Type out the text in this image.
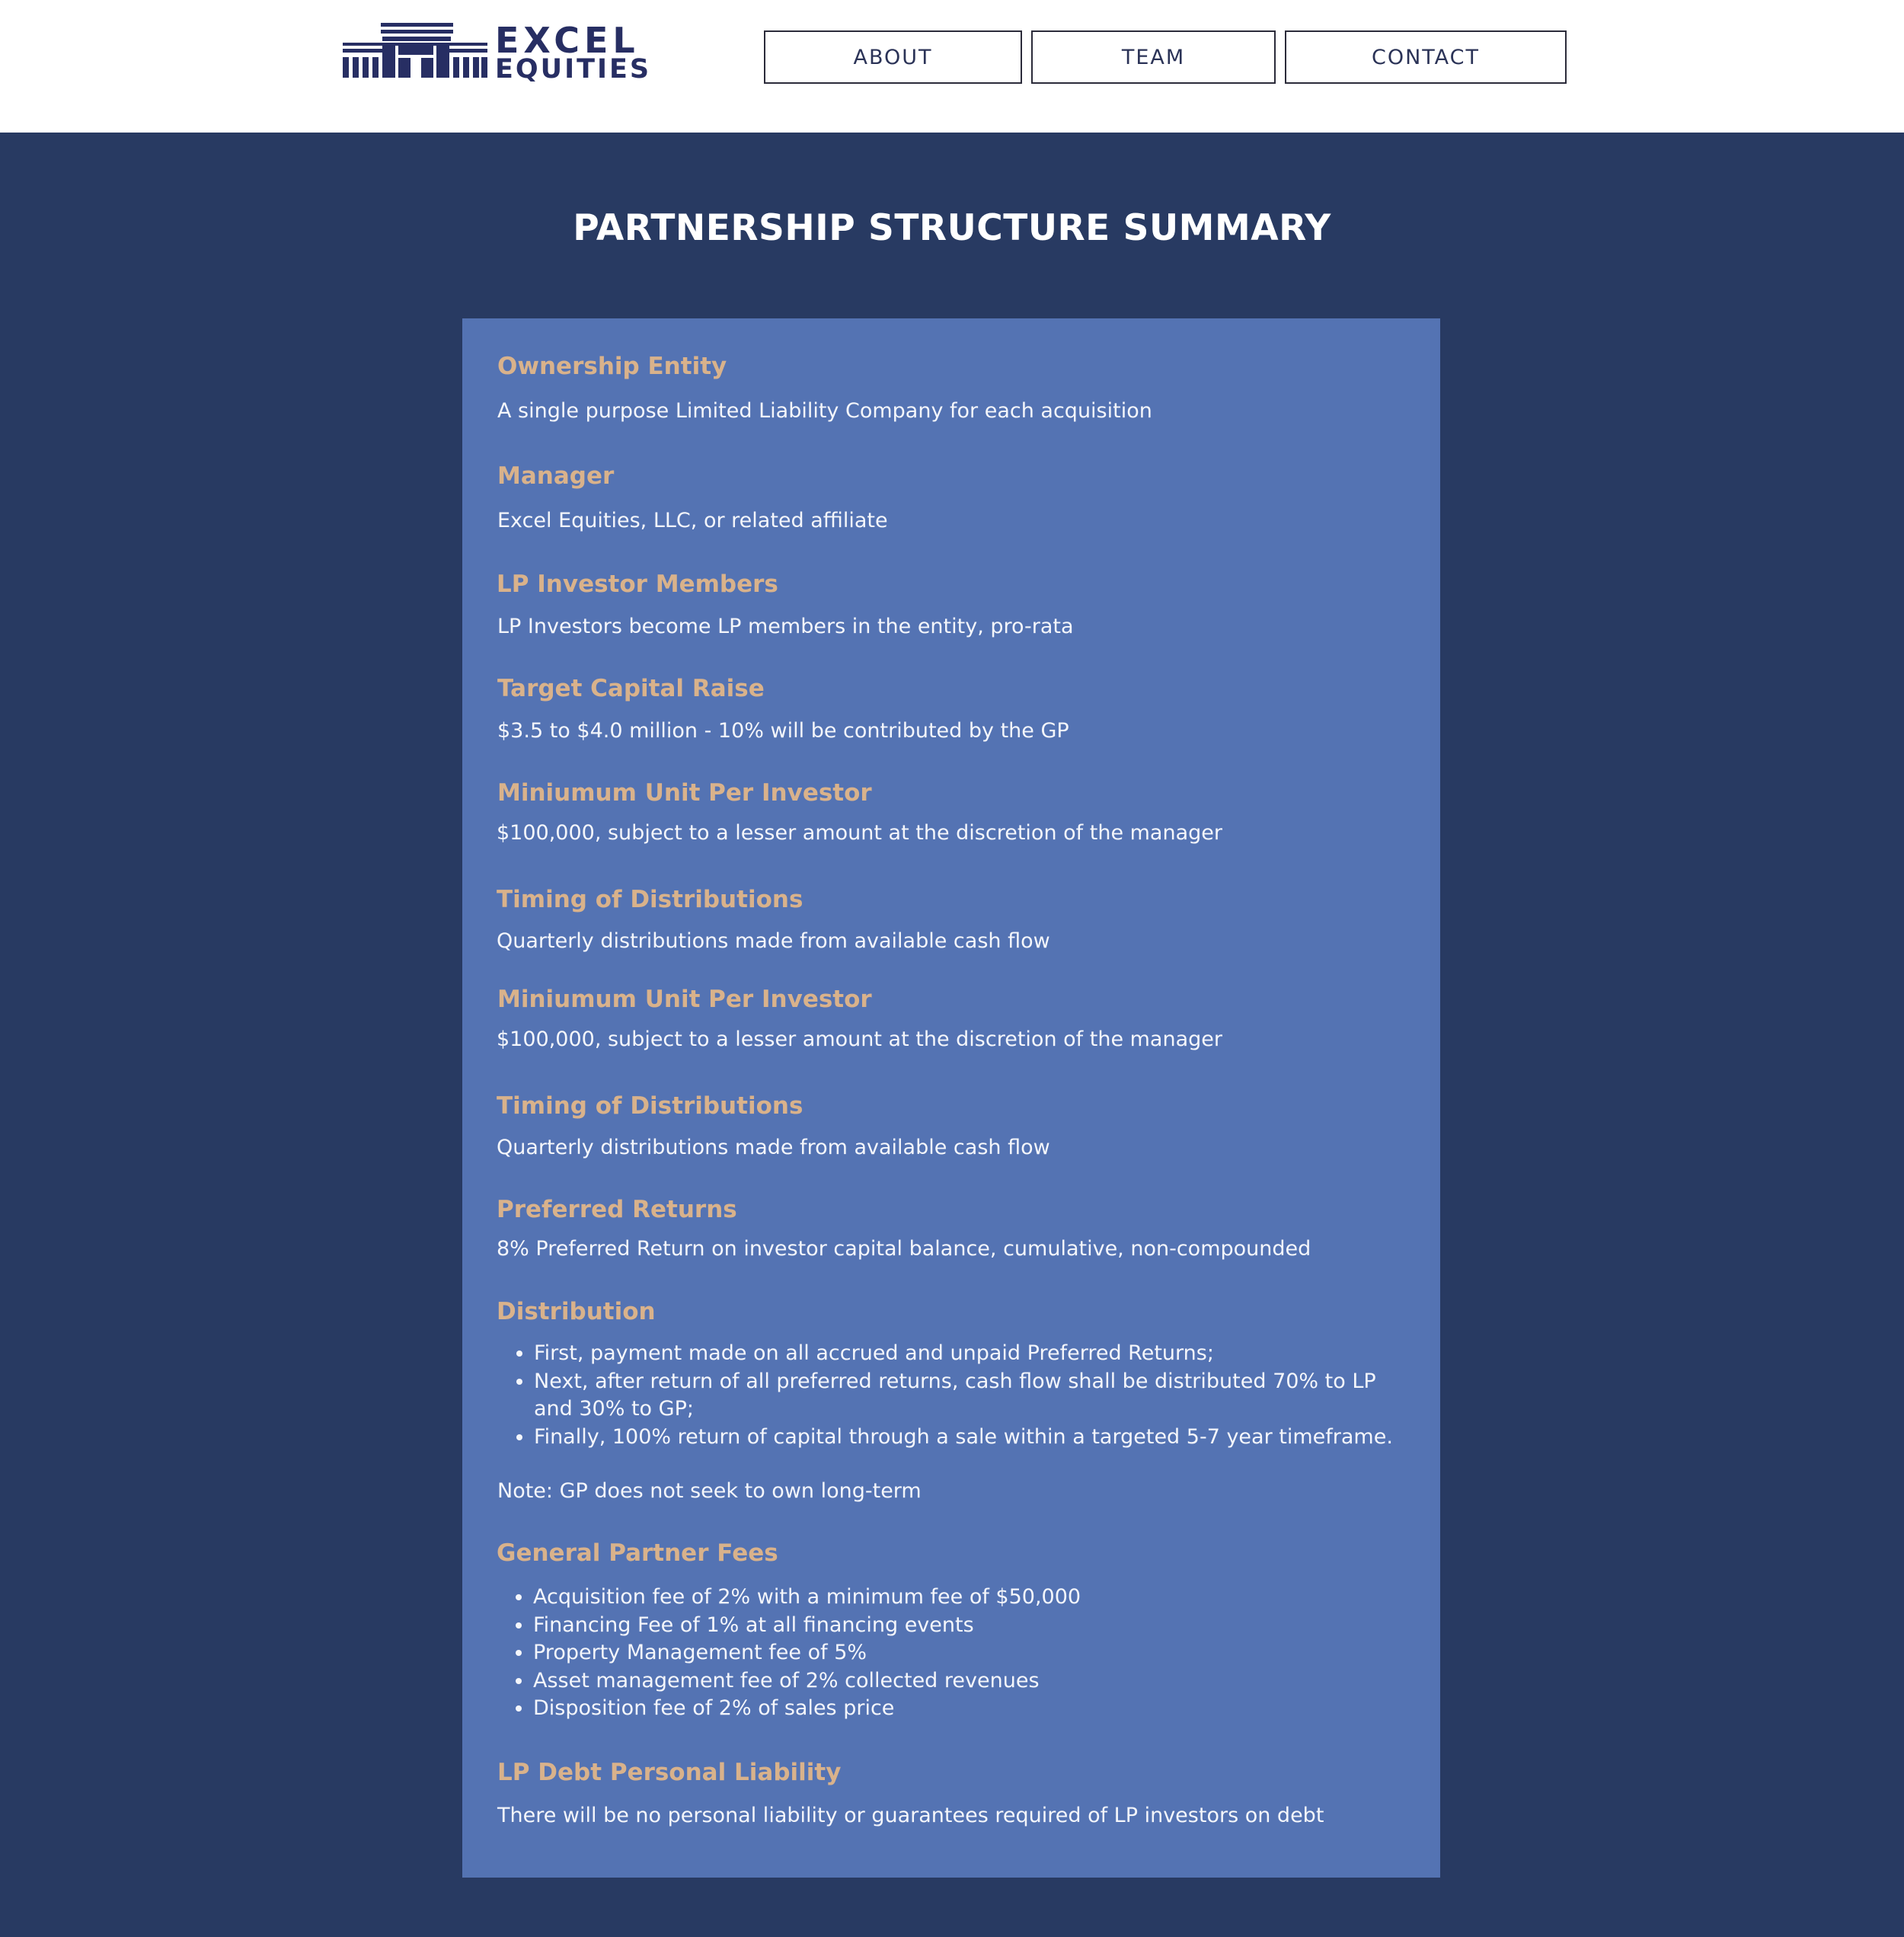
EXCEL
EQUITIES	ABOUT	TEAM	CONTACT
PARTNERSHIP STRUCTURE SUMMARY
Ownership Entity
A single purpose Limited Liability Company for each acquisition
Manager
Excel Equities, LLC, or related affiliate
LP Investor Members
LP Investors become LP members in the entity, pro-rata
Target Capital Raise
$3.5 to $4.0 million - 10% will be contributed by the GP
Miniumum Unit Per Investor
$100,000, subject to a lesser amount at the discretion of the manager
Timing of Distributions
Quarterly distributions made from available cash flow
Miniumum Unit Per Investor
$100,000, subject to a lesser amount at the discretion of the manager
Timing of Distributions
Quarterly distributions made from available cash flow
Preferred Returns
8% Preferred Return on investor capital balance, cumulative, non-compounded
Distribution
• First, payment made on all accrued and unpaid Preferred Returns;
• Next, after return of all preferred returns, cash flow shall be distributed 70% to LP and 30% to GP;
• Finally, 100% return of capital through a sale within a targeted 5-7 year timeframe.
Note: GP does not seek to own long-term
General Partner Fees
• Acquisition fee of 2% with a minimum fee of $50,000
• Financing Fee of 1% at all financing events
• Property Management fee of 5%
• Asset management fee of 2% collected revenues
• Disposition fee of 2% of sales price
LP Debt Personal Liability
There will be no personal liability or guarantees required of LP investors on debt
